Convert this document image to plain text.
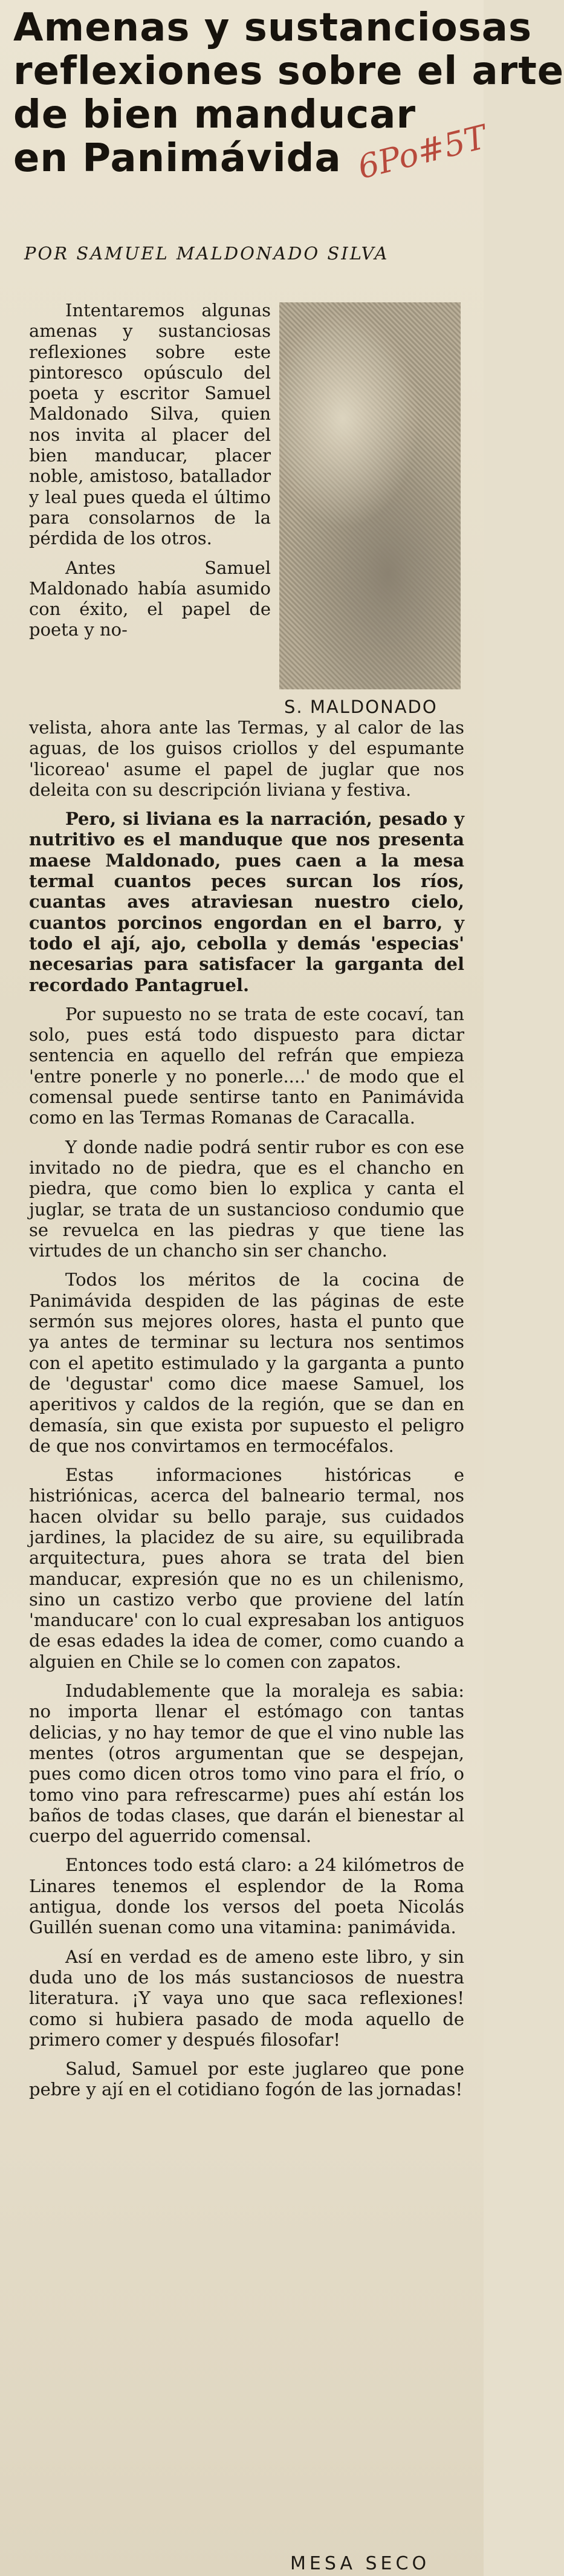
Amenas y sustanciosas
reflexiones sobre el arte
de bien manducar
en Panimávida 6Po#5T
POR SAMUEL MALDONADO SILVA

Intentaremos algunas amenas y sustanciosas reflexiones sobre este pintoresco opúsculo del poeta y escritor Samuel Maldonado Silva, quien nos invita al placer del bien manducar, placer noble, amistoso, batallador y leal pues queda el último para consolarnos de la pérdida de los otros.

Antes Samuel Maldonado había asumido con éxito, el papel de poeta y no-

S. MALDONADO

velista, ahora ante las Termas, y al calor de las aguas, de los guisos criollos y del espumante 'licoreao' asume el papel de juglar que nos deleita con su descripción liviana y festiva.

Pero, si liviana es la narración, pesado y nutritivo es el manduque que nos presenta maese Maldonado, pues caen a la mesa termal cuantos peces surcan los ríos, cuantas aves atraviesan nuestro cielo, cuantos porcinos engordan en el barro, y todo el ají, ajo, cebolla y demás 'especias' necesarias para satisfacer la garganta del recordado Pantagruel.

Por supuesto no se trata de este cocaví, tan solo, pues está todo dispuesto para dictar sentencia en aquello del refrán que empieza 'entre ponerle y no ponerle....' de modo que el comensal puede sentirse tanto en Panimávida como en las Termas Romanas de Caracalla.

Y donde nadie podrá sentir rubor es con ese invitado no de piedra, que es el chancho en piedra, que como bien lo explica y canta el juglar, se trata de un sustancioso condumio que se revuelca en las piedras y que tiene las virtudes de un chancho sin ser chancho.

Todos los méritos de la cocina de Panimávida despiden de las páginas de este sermón sus mejores olores, hasta el punto que ya antes de terminar su lectura nos sentimos con el apetito estimulado y la garganta a punto de 'degustar' como dice maese Samuel, los aperitivos y caldos de la región, que se dan en demasía, sin que exista por supuesto el peligro de que nos convirtamos en termocéfalos.

Estas informaciones históricas e histriónicas, acerca del balneario termal, nos hacen olvidar su bello paraje, sus cuidados jardines, la placidez de su aire, su equilibrada arquitectura, pues ahora se trata del bien manducar, expresión que no es un chilenismo, sino un castizo verbo que proviene del latín 'manducare' con lo cual expresaban los antiguos de esas edades la idea de comer, como cuando a alguien en Chile se lo comen con zapatos.

Indudablemente que la moraleja es sabia: no importa llenar el estómago con tantas delicias, y no hay temor de que el vino nuble las mentes (otros argumentan que se despejan, pues como dicen otros tomo vino para el frío, o tomo vino para refrescarme) pues ahí están los baños de todas clases, que darán el bienestar al cuerpo del aguerrido comensal.

Entonces todo está claro: a 24 kilómetros de Linares tenemos el esplendor de la Roma antigua, donde los versos del poeta Nicolás Guillén suenan como una vitamina: panimávida.

Así en verdad es de ameno este libro, y sin duda uno de los más sustanciosos de nuestra literatura. ¡Y vaya uno que saca reflexiones! como si hubiera pasado de moda aquello de primero comer y después filosofar!

Salud, Samuel por este juglareo que pone pebre y ají en el cotidiano fogón de las jornadas!

MESA SECO
